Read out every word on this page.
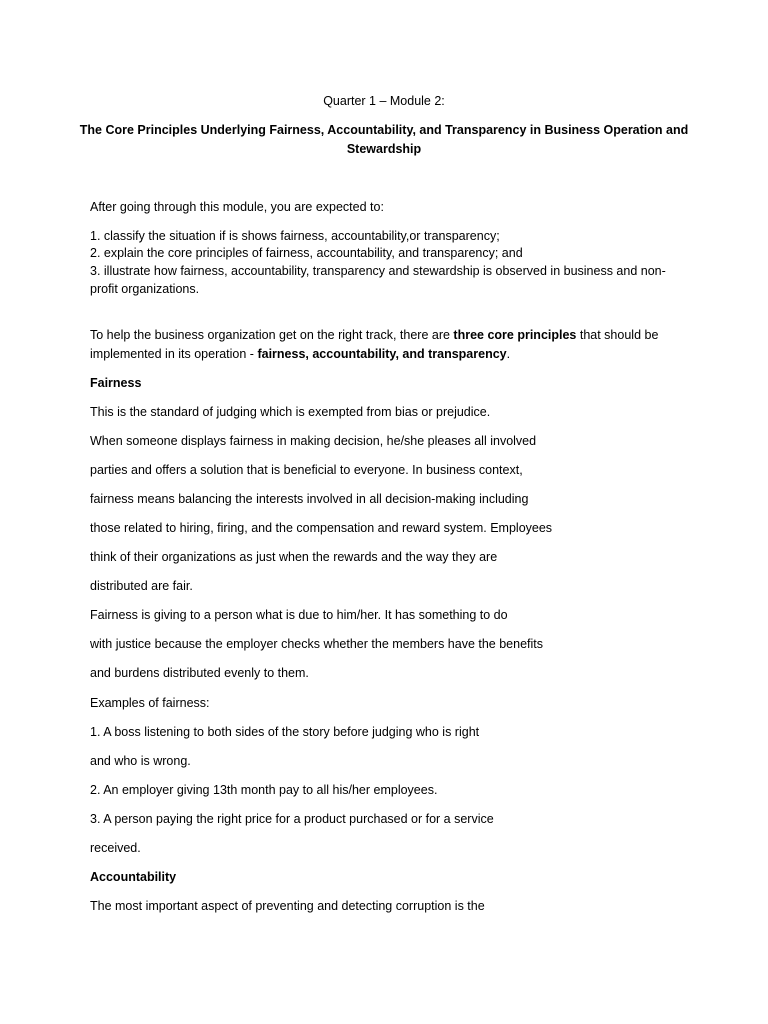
Quarter 1 – Module 2:
The Core Principles Underlying Fairness, Accountability, and Transparency in Business Operation and
Stewardship
After going through this module, you are expected to:
1. classify the situation if is shows fairness, accountability,or transparency;
2. explain the core principles of fairness, accountability, and transparency; and
3. illustrate how fairness, accountability, transparency and stewardship is observed in business and non-
profit organizations.
To help the business organization get on the right track, there are three core principles that should be
implemented in its operation - fairness, accountability, and transparency.
Fairness
This is the standard of judging which is exempted from bias or prejudice.
When someone displays fairness in making decision, he/she pleases all involved
parties and offers a solution that is beneficial to everyone. In business context,
fairness means balancing the interests involved in all decision-making including
those related to hiring, firing, and the compensation and reward system. Employees
think of their organizations as just when the rewards and the way they are
distributed are fair.
Fairness is giving to a person what is due to him/her. It has something to do
with justice because the employer checks whether the members have the benefits
and burdens distributed evenly to them.
Examples of fairness:
1. A boss listening to both sides of the story before judging who is right
and who is wrong.
2. An employer giving 13th month pay to all his/her employees.
3. A person paying the right price for a product purchased or for a service
received.
Accountability
The most important aspect of preventing and detecting corruption is the
